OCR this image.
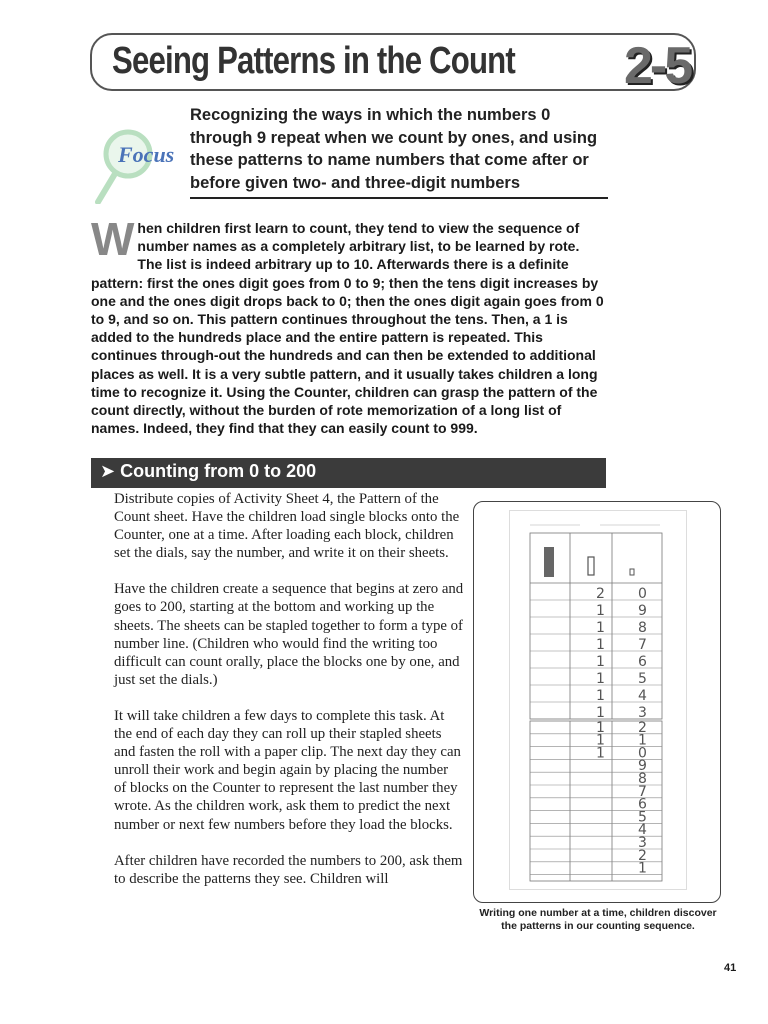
Seeing Patterns in the Count 2-5
Focus
Recognizing the ways in which the numbers 0 through 9 repeat when we count by ones, and using these patterns to name numbers that come after or before given two- and three-digit numbers
When children first learn to count, they tend to view the sequence of number names as a completely arbitrary list, to be learned by rote. The list is indeed arbitrary up to 10. Afterwards there is a definite pattern: first the ones digit goes from 0 to 9; then the tens digit increases by one and the ones digit drops back to 0; then the ones digit again goes from 0 to 9, and so on. This pattern continues throughout the tens. Then, a 1 is added to the hundreds place and the entire pattern is repeated. This continues through-out the hundreds and can then be extended to additional places as well. It is a very subtle pattern, and it usually takes children a long time to recognize it. Using the Counter, children can grasp the pattern of the count directly, without the burden of rote memorization of a long list of names. Indeed, they find that they can easily count to 999.
➤ Counting from 0 to 200

Distribute copies of Activity Sheet 4, the Pattern of the Count sheet. Have the children load single blocks onto the Counter, one at a time. After loading each block, children set the dials, say the number, and write it on their sheets.

Have the children create a sequence that begins at zero and goes to 200, starting at the bottom and working up the sheets. The sheets can be stapled together to form a type of number line. (Children who would find the writing too difficult can count orally, place the blocks one by one, and just set the dials.)

It will take children a few days to complete this task. At the end of each day they can roll up their stapled sheets and fasten the roll with a paper clip. The next day they can unroll their work and begin again by placing the number of blocks on the Counter to represent the last number they wrote. As the children work, ask them to predict the next number or next few numbers before they load the blocks.

After children have recorded the numbers to 200, ask them to describe the patterns they see. Children will

2 0
1 9
1 8
1 7
1 6
1 5
1 4
1 3
1 2
1 1
1 0
9
8
7
6
5
4
3
2
1
Writing one number at a time, children discover the patterns in our counting sequence.
41
